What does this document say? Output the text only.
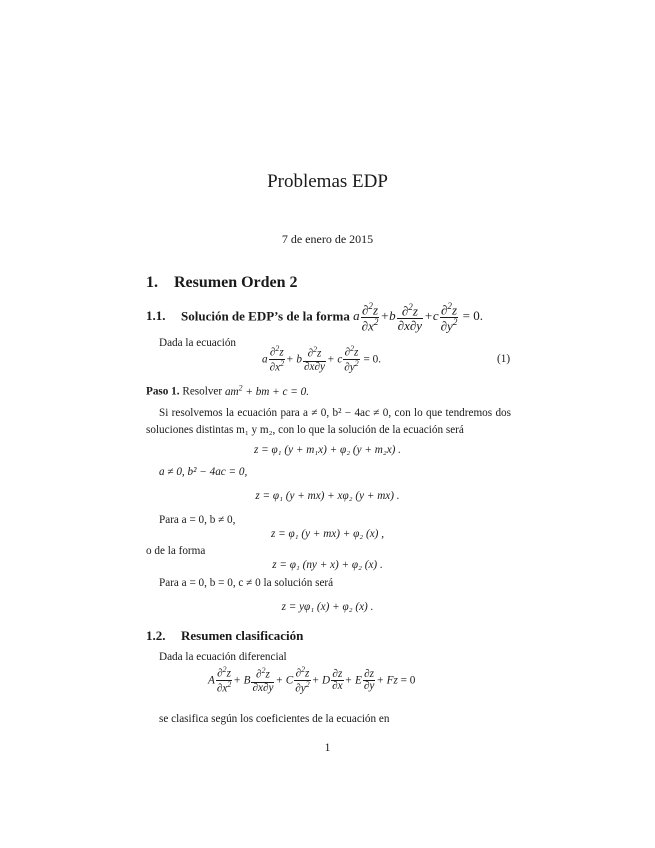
Problemas EDP
7 de enero de 2015
1. Resumen Orden 2
1.1. Solución de EDP’s de la forma a $\frac{\partial^2z}{\partial x^2} +b \frac{\partial^2z}{\partial x\partial y} +c \frac{\partial^2z}{\partial y^2} = 0$.
Dada la ecuación
a $\frac{\partial^2z}{\partial x^2} + b \frac{\partial^2z}{\partial x\partial y} + c \frac{\partial^2z}{\partial y^2} = 0$.	(1)
Paso 1. Resolver $am^2$ + bm + c = 0.
Si resolvemos la ecuación para a ≠ 0, b² − 4ac ≠ 0, con lo que tendremos dos soluciones distintas m₁ y m₂, con lo que la solución de la ecuación será
z = φ₁ (y + m₁x) + φ₂ (y + m₂x) .
a ≠ 0, b² − 4ac = 0,
z = φ₁ (y + mx) + xφ₂ (y + mx) .
Para a = 0, b ≠ 0,
z = φ₁ (y + mx) + φ₂ (x) ,
o de la forma
z = φ₁ (ny + x) + φ₂ (x) .
Para a = 0, b = 0, c ≠ 0 la solución será
z = yφ₁ (x) + φ₂ (x) .
1.2. Resumen clasificación
Dada la ecuación diferencial
A $\frac{\partial^2z}{\partial x^2} + B \frac{\partial^2z}{\partial x\partial y} + C \frac{\partial^2z}{\partial y^2} + D \frac{\partial z}{\partial x} + E \frac{\partial z}{\partial y} + Fz = 0$
se clasifica según los coeficientes de la ecuación en
1
